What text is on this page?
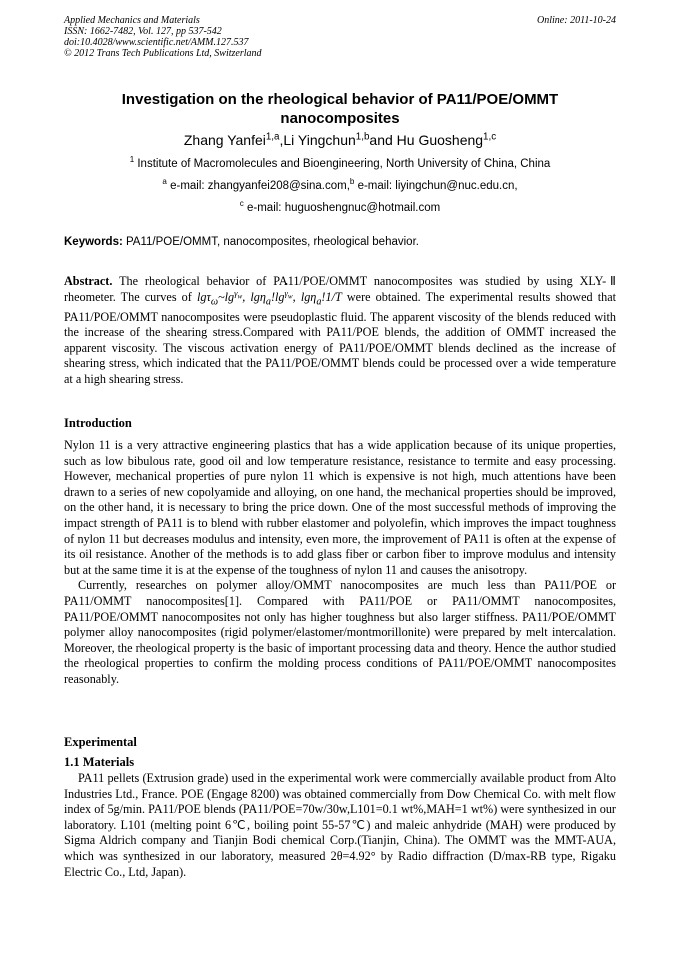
Applied Mechanics and Materials
ISSN: 1662-7482, Vol. 127, pp 537-542
doi:10.4028/www.scientific.net/AMM.127.537
© 2012 Trans Tech Publications Ltd, Switzerland
Online: 2011-10-24
Investigation on the rheological behavior of PA11/POE/OMMT
nanocomposites
Zhang Yanfei$^{1,a}$,Li Yingchun$^{1,b}$and Hu Guosheng$^{1,c}$
$^1$ Institute of Macromolecules and Bioengineering, North University of China, China
$^a$ e-mail: zhangyanfei208@sina.com,$^b$ e-mail: liyingchun@nuc.edu.cn,
$^c$ e-mail: huguoshengnuc@hotmail.com
Keywords: PA11/POE/OMMT, nanocomposites, rheological behavior.
Abstract. The rheological behavior of PA11/POE/OMMT nanocomposites was studied by using XLY-Ⅱ rheometer. The curves of $\lg\tau_\omega\sim\lg^{\gamma_w}$, $\lg\eta_a!\lg^{\gamma_w}$, lgη$_a$!1/T were obtained. The experimental results showed that PA11/POE/OMMT nanocomposites were pseudoplastic fluid. The apparent viscosity of the blends reduced with the increase of the shearing stress.Compared with PA11/POE blends, the addition of OMMT increased the apparent viscosity. The viscous activation energy of PA11/POE/OMMT blends declined as the increase of shearing stress, which indicated that the PA11/POE/OMMT blends could be processed over a wide temperature at a high shearing stress.
Introduction

Nylon 11 is a very attractive engineering plastics that has a wide application because of its unique properties, such as low bibulous rate, good oil and low temperature resistance, resistance to termite and easy processing. However, mechanical properties of pure nylon 11 which is expensive is not high, much attentions have been drawn to a series of new copolyamide and alloying, on one hand, the mechanical properties should be improved, on the other hand, it is necessary to bring the price down. One of the most successful methods of improving the impact strength of PA11 is to blend with rubber elastomer and polyolefin, which improves the impact toughness of nylon 11 but decreases modulus and intensity, even more, the improvement of PA11 is often at the expense of its oil resistance. Another of the methods is to add glass fiber or carbon fiber to improve modulus and intensity but at the same time it is at the expense of the toughness of nylon 11 and causes the anisotropy.

Currently, researches on polymer alloy/OMMT nanocomposites are much less than PA11/POE or PA11/OMMT nanocomposites[1]. Compared with PA11/POE or PA11/OMMT nanocomposites, PA11/POE/OMMT nanocomposites not only has higher toughness but also larger stiffness. PA11/POE/OMMT polymer alloy nanocomposites (rigid polymer/elastomer/montmorillonite) were prepared by melt intercalation. Moreover, the rheological property is the basic of important processing data and theory. Hence the author studied the rheological properties to confirm the molding process conditions of PA11/POE/OMMT nanocomposites reasonably.

Experimental
1.1 Materials

PA11 pellets (Extrusion grade) used in the experimental work were commercially available product from Alto Industries Ltd., France. POE (Engage 8200) was obtained commercially from Dow Chemical Co. with melt flow index of 5g/min. PA11/POE blends (PA11/POE=70w/30w,L101=0.1 wt%,MAH=1 wt%) were synthesized in our laboratory. L101 (melting point 6℃, boiling point 55-57℃) and maleic anhydride (MAH) were produced by Sigma Aldrich company and Tianjin Bodi chemical Corp.(Tianjin, China). The OMMT was the MMT-AUA, which was synthesized in our laboratory, measured 2θ=4.92° by Radio diffraction (D/max-RB type, Rigaku Electric Co., Ltd, Japan).
